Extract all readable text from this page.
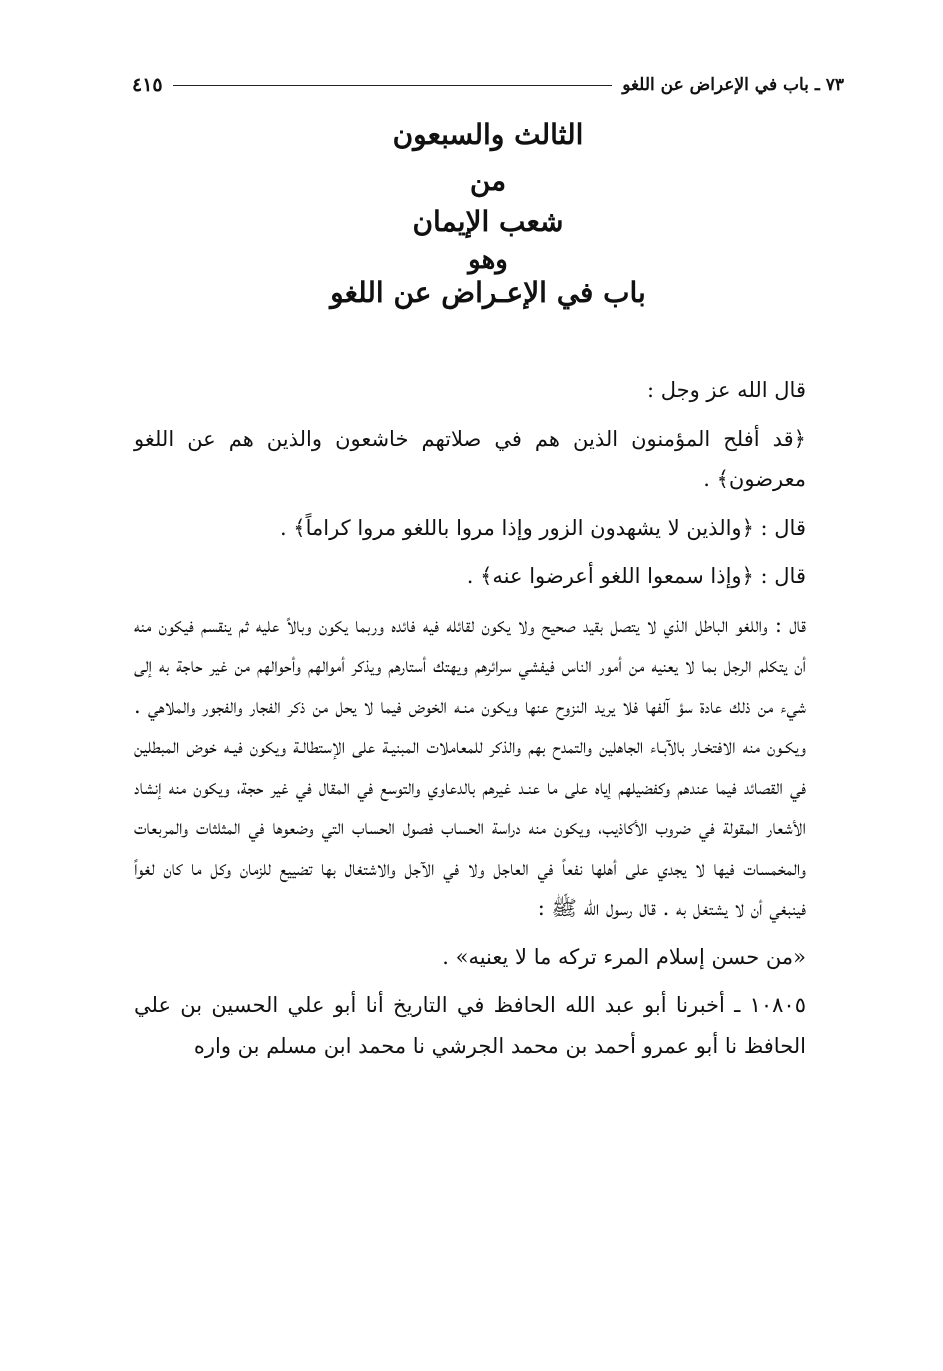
٧٣ ـ باب في الإعراض عن اللغو
٤١٥

الثالث والسبعون

من

شعب الإيمان

وهو

باب في الإعـراض عن اللغو

قال الله عز وجل :

﴿قد أفلح المؤمنون الذين هم في صلاتهم خاشعون والذين هم عن اللغو معرضون﴾ .

قال : ﴿والذين لا يشهدون الزور وإذا مروا باللغو مروا كراماً﴾ .

قال : ﴿وإذا سمعوا اللغو أعرضوا عنه﴾ .

قال : واللغو الباطل الذي لا يتصل بقيد صحيح ولا يكون لقائله فيه فائده وربما يكون وبالاً عليه ثم ينقسم فيكون منه أن يتكلم الرجل بما لا يعنيه من أمور الناس فيفشي سرائرهم ويهتك أستارهم ويذكر أموالهم وأحوالهم من غير حاجة به إلى شيء من ذلك عادة سؤ آلفها فلا يريد النزوح عنها ويكون منـه الخوض فيما لا يحل من ذكر الفجار والفجور والملاهي . ويكـون منه الافتخـار بالآبـاء الجاهلين والتمدح بهم والذكر للمعاملات المبنيـة على الإستطالـة ويكون فيـه خوض المبطلين في القصائد فيما عندهم وكفضيلهم إياه على ما عنـد غيرهم بالدعاوي والتوسع في المقال في غير حجة، ويكون منه إنشاد الأشعار المقولة في ضروب الأكاذيب، ويكون منه دراسة الحساب فصول الحساب التي وضعوها في المثلثات والمربعات والمخمسات فيها لا يجدي على أهلها نفعاً في العاجل ولا في الآجل والاشتغال بها تضييع للزمان وكل ما كان لغواً فينبغي أن لا يشتغل به . قال رسول الله ﷺ :

«من حسن إسلام المرء تركه ما لا يعنيه» .

١٠٨٠٥ ـ أخبرنا أبو عبد الله الحافظ في التاريخ أنا أبو علي الحسين بن علي الحافظ نا أبو عمرو أحمد بن محمد الجرشي نا محمد ابن مسلم بن واره
